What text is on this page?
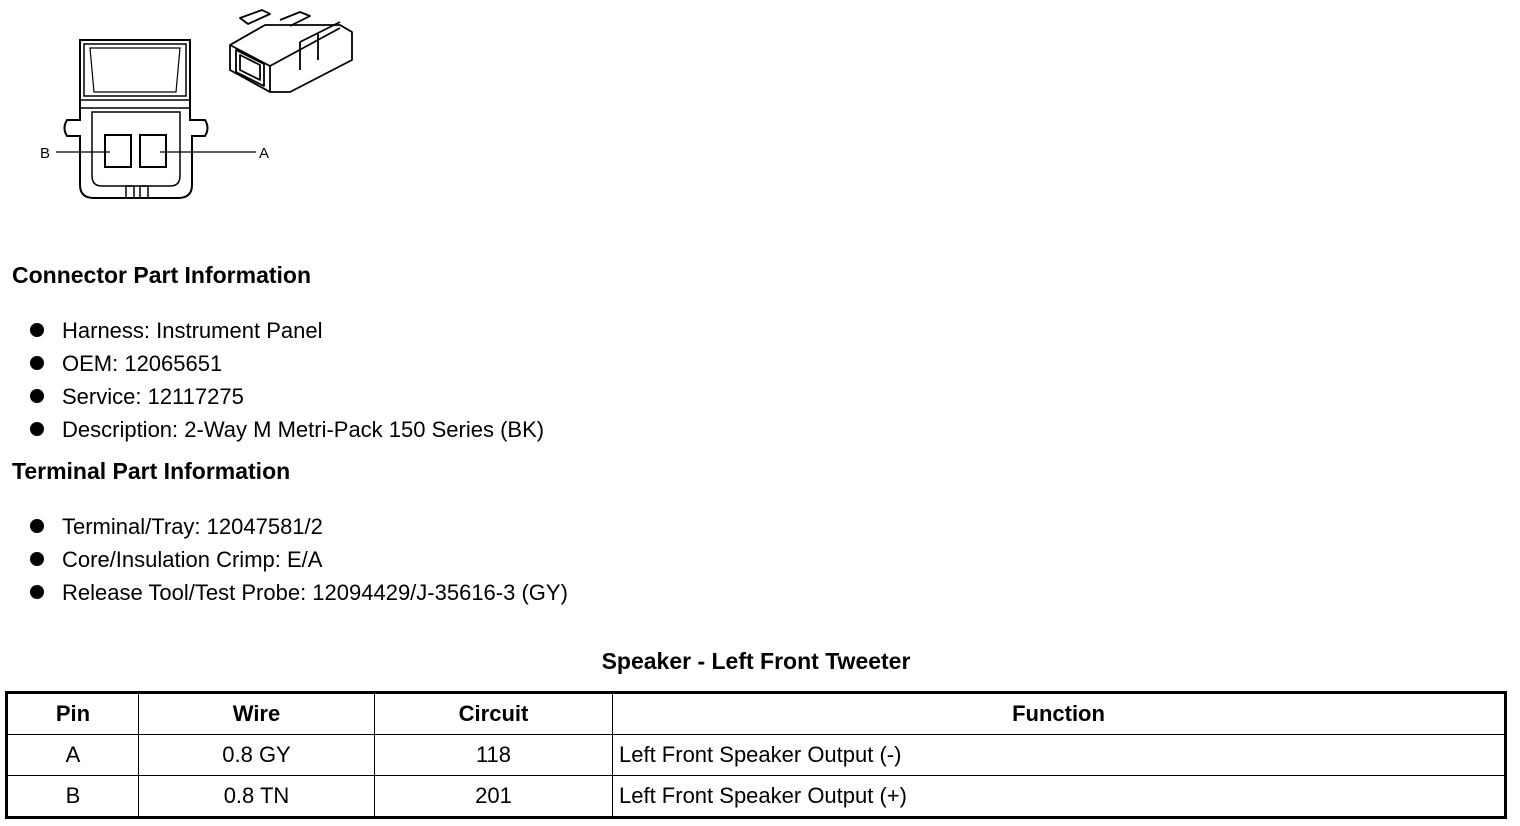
B	A
Connector Part Information
Harness: Instrument Panel
OEM: 12065651
Service: 12117275
Description: 2-Way M Metri-Pack 150 Series (BK)
Terminal Part Information
Terminal/Tray: 12047581/2
Core/Insulation Crimp: E/A
Release Tool/Test Probe: 12094429/J-35616-3 (GY)
Speaker - Left Front Tweeter
Pin	Wire	Circuit	Function
A	0.8 GY	118	Left Front Speaker Output (-)
B	0.8 TN	201	Left Front Speaker Output (+)
